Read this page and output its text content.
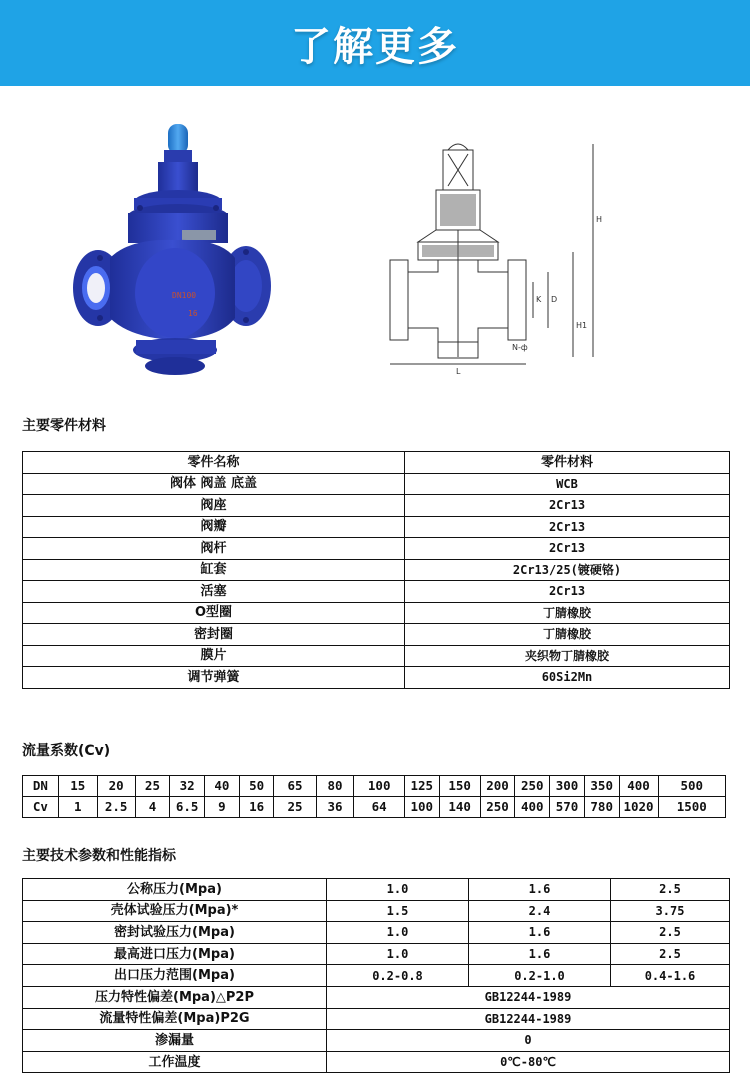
了解更多
DN100
16
H
H1
D
K
L
N-ф
主要零件材料
零件名称	零件材料
阀体 阀盖 底盖	WCB
阀座	2Cr13
阀瓣	2Cr13
阀杆	2Cr13
缸套	2Cr13/25(镀硬铬)
活塞	2Cr13
O型圈	丁腈橡胶
密封圈	丁腈橡胶
膜片	夹织物丁腈橡胶
调节弹簧	60Si2Mn
流量系数(Cv)
DN	15	20	25	32	40	50	65	80	100	125	150	200	250	300	350	400	500
Cv	1	2.5	4	6.5	9	16	25	36	64	100	140	250	400	570	780	1020	1500
主要技术参数和性能指标
公称压力(Mpa)	1.0	1.6	2.5
壳体试验压力(Mpa)*	1.5	2.4	3.75
密封试验压力(Mpa)	1.0	1.6	2.5
最高进口压力(Mpa)	1.0	1.6	2.5
出口压力范围(Mpa)	0.2-0.8	0.2-1.0	0.4-1.6
压力特性偏差(Mpa)△P2P	GB12244-1989		
流量特性偏差(Mpa)P2G	GB12244-1989		
渗漏量	0		
工作温度	0℃-80℃		
